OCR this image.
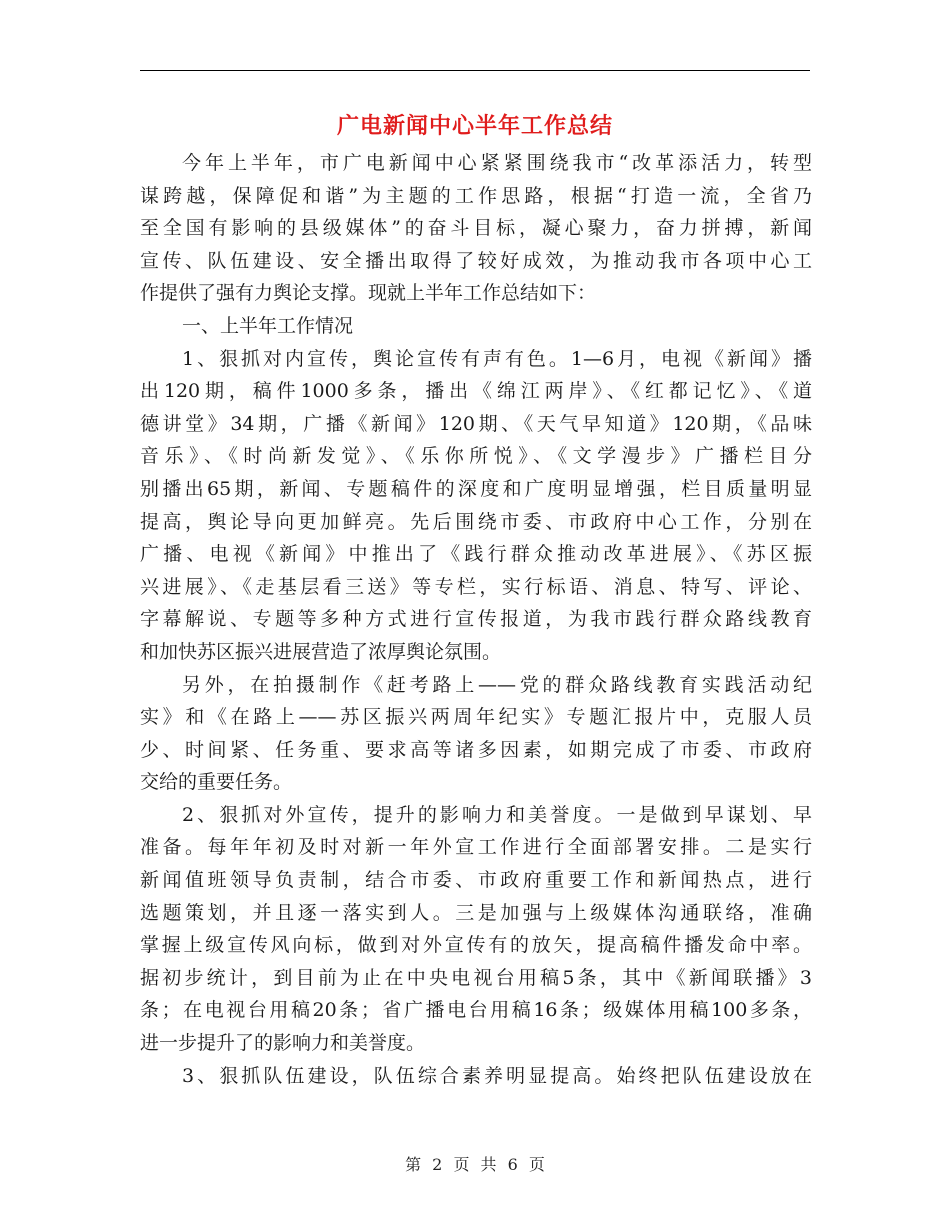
广电新闻中心半年工作总结
今年上半年，市广电新闻中心紧紧围绕我市“改革添活力，转型
谋跨越，保障促和谐”为主题的工作思路，根据“打造一流，全省乃
至全国有影响的县级媒体”的奋斗目标，凝心聚力，奋力拼搏，新闻
宣传、队伍建设、安全播出取得了较好成效，为推动我市各项中心工
作提供了强有力舆论支撑。现就上半年工作总结如下：
一、上半年工作情况
1、狠抓对内宣传，舆论宣传有声有色。1—6月，电视《新闻》播
出120期，稿件1000多条，播出《绵江两岸》、《红都记忆》、《道
德讲堂》34期，广播《新闻》120期、《天气早知道》120期，《品味
音乐》、《时尚新发觉》、《乐你所悦》、《文学漫步》广播栏目分
别播出65期，新闻、专题稿件的深度和广度明显增强，栏目质量明显
提高，舆论导向更加鲜亮。先后围绕市委、市政府中心工作，分别在
广播、电视《新闻》中推出了《践行群众推动改革进展》、《苏区振
兴进展》、《走基层看三送》等专栏，实行标语、消息、特写、评论、
字幕解说、专题等多种方式进行宣传报道，为我市践行群众路线教育
和加快苏区振兴进展营造了浓厚舆论氛围。
另外，在拍摄制作《赶考路上——党的群众路线教育实践活动纪
实》和《在路上——苏区振兴两周年纪实》专题汇报片中，克服人员
少、时间紧、任务重、要求高等诸多因素，如期完成了市委、市政府
交给的重要任务。
2、狠抓对外宣传，提升的影响力和美誉度。一是做到早谋划、早
准备。每年年初及时对新一年外宣工作进行全面部署安排。二是实行
新闻值班领导负责制，结合市委、市政府重要工作和新闻热点，进行
选题策划，并且逐一落实到人。三是加强与上级媒体沟通联络，准确
掌握上级宣传风向标，做到对外宣传有的放矢，提高稿件播发命中率。
据初步统计，到目前为止在中央电视台用稿5条，其中《新闻联播》3
条；在电视台用稿20条；省广播电台用稿16条；级媒体用稿100多条，
进一步提升了的影响力和美誉度。
3、狠抓队伍建设，队伍综合素养明显提高。始终把队伍建设放在
第 2 页 共 6 页
